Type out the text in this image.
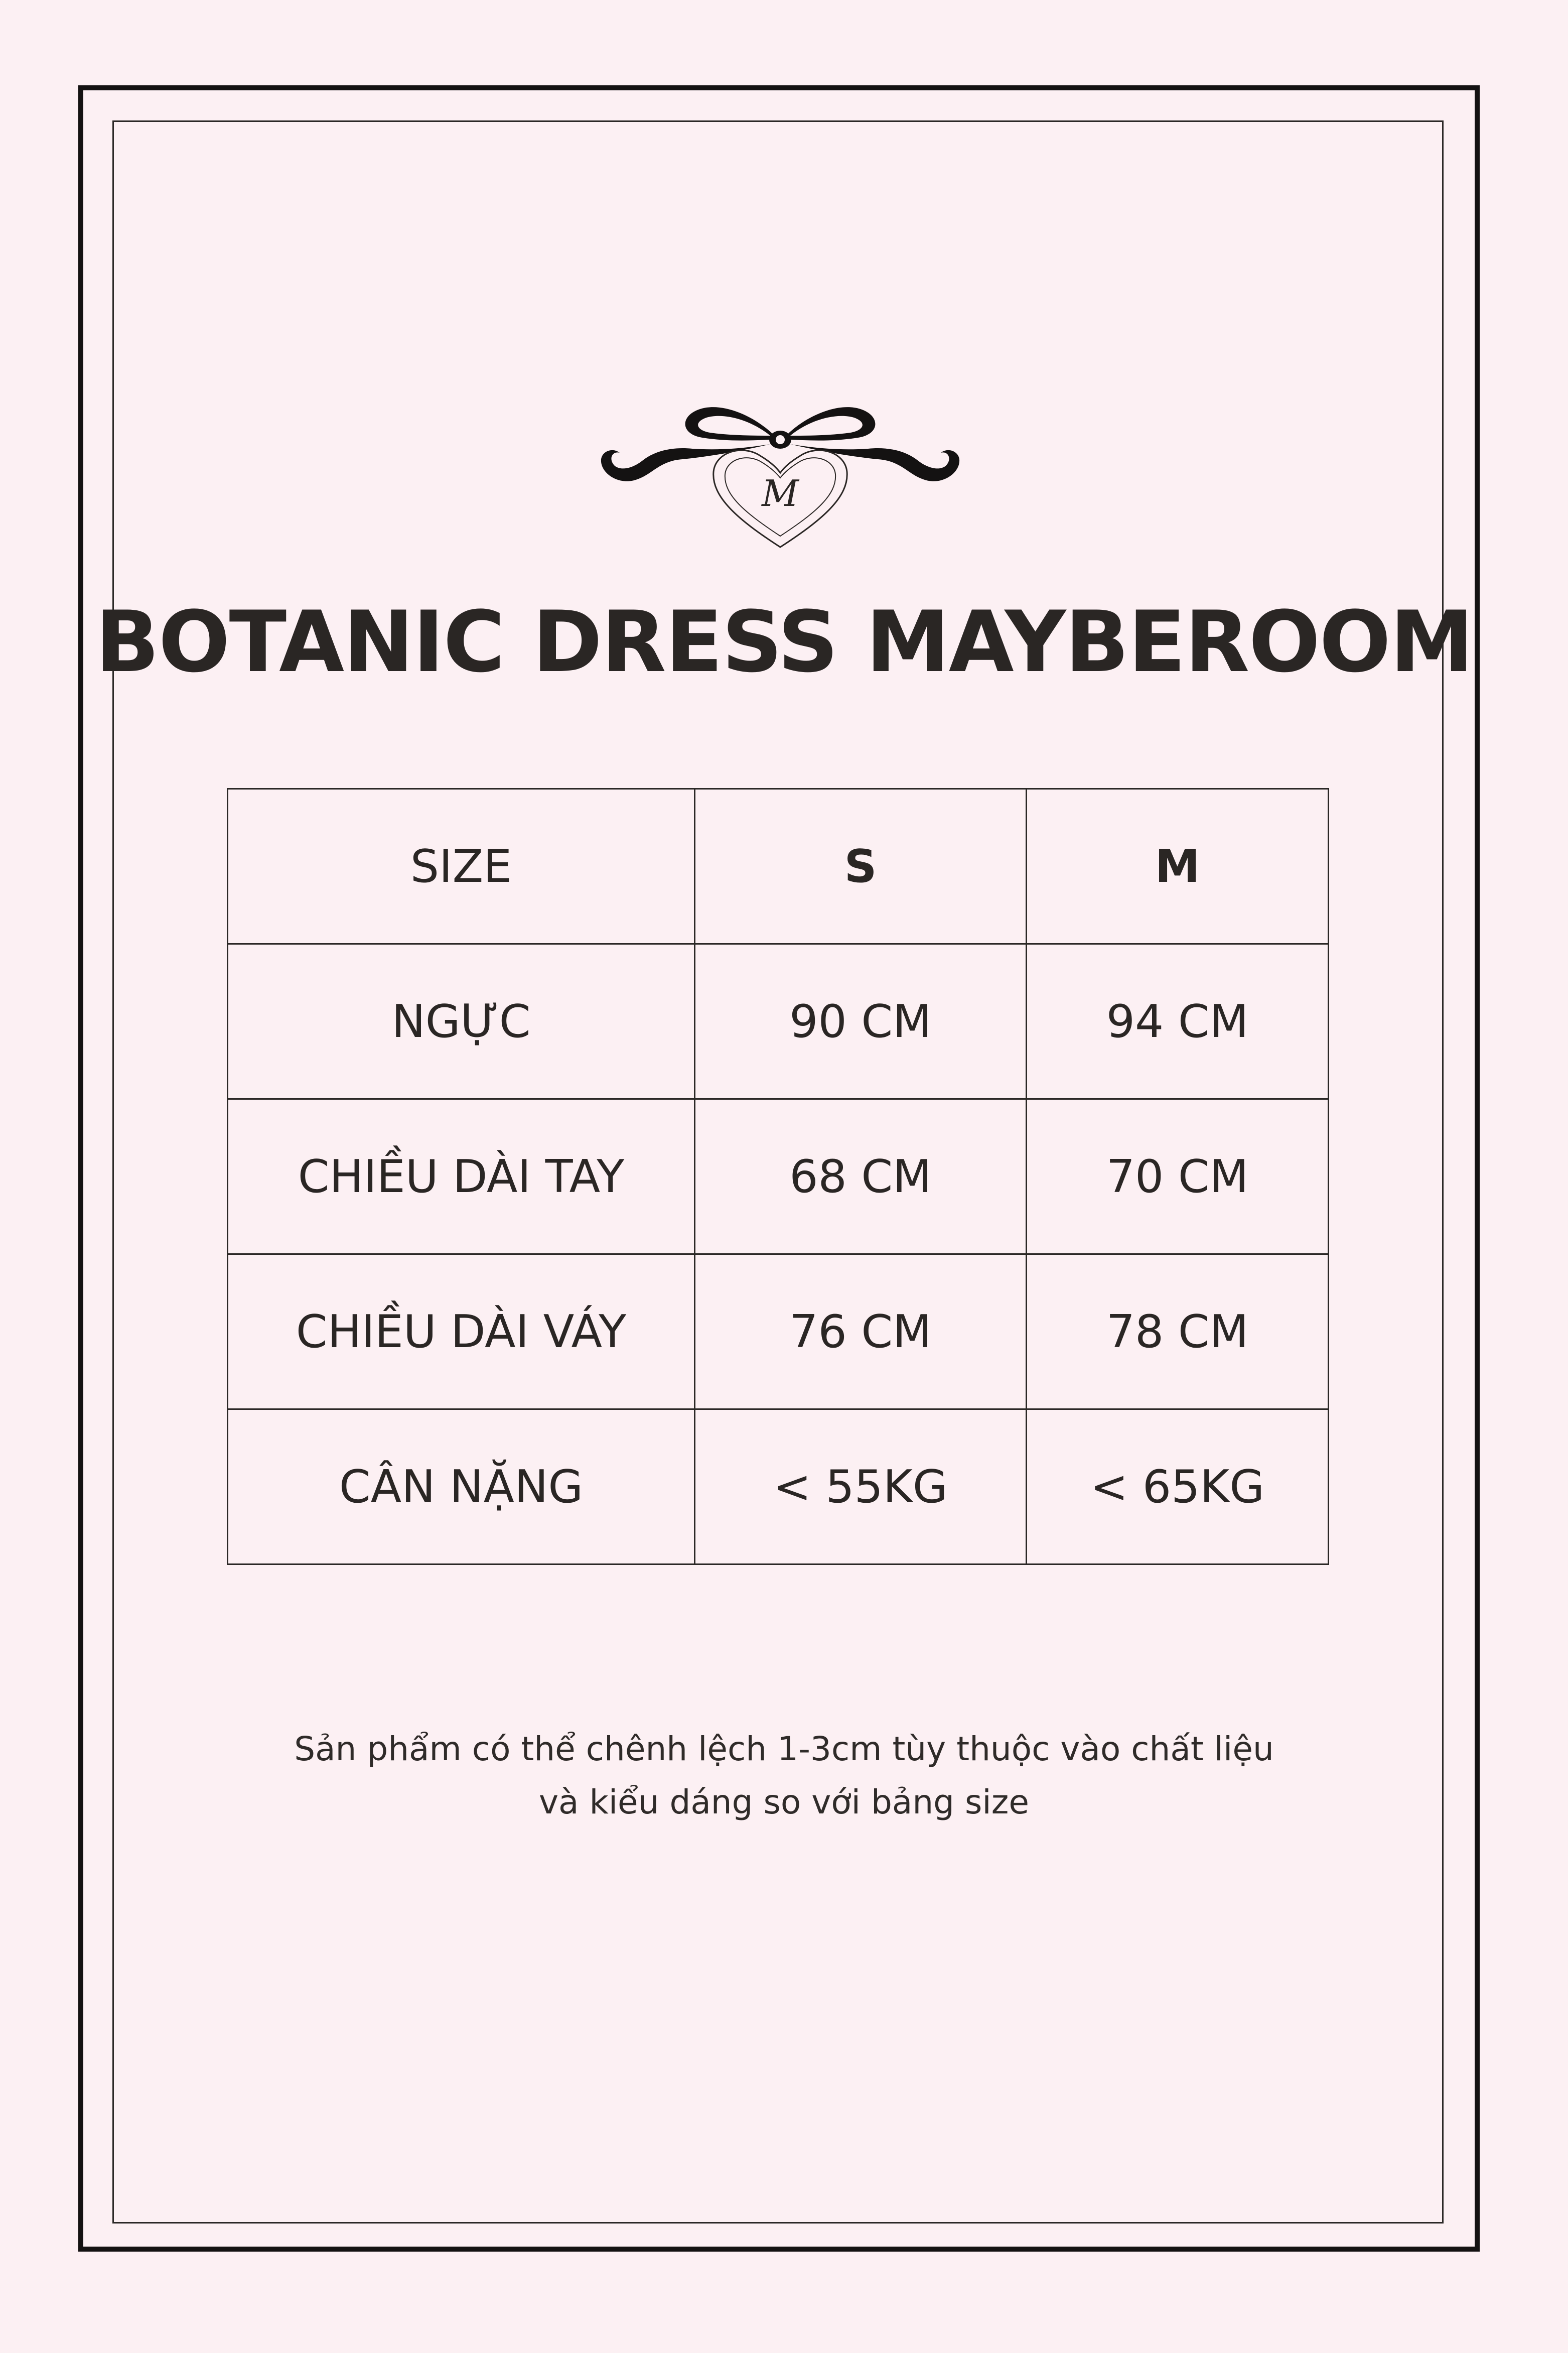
M
BOTANIC DRESS MAYBEROOM
SIZE	S	M
NGỰC	90 CM	94 CM
CHIỀU DÀI TAY	68 CM	70 CM
CHIỀU DÀI VÁY	76 CM	78 CM
CÂN NẶNG	< 55KG	< 65KG
Sản phẩm có thể chênh lệch 1-3cm tùy thuộc vào chất liệu
và kiểu dáng so với bảng size
